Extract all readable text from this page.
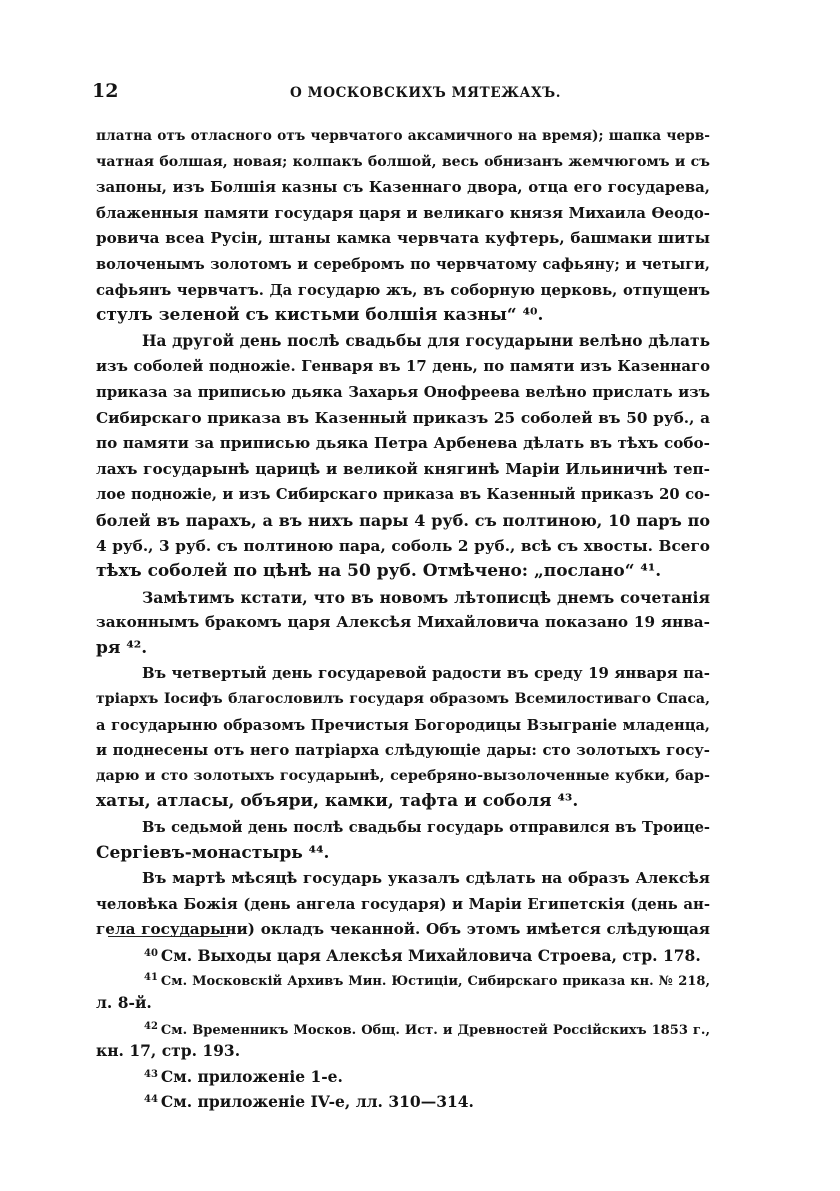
12	О МОСКОВСКИХЪ МЯТЕЖАХЪ.

платна отъ отласного отъ червчатого аксамичного на время); шапка черв-
чатная болшая, новая; колпакъ болшой, весь обнизанъ жемчюгомъ и съ
запоны, изъ Болшія казны съ Казеннаго двора, отца его государева,
блаженныя памяти государя царя и великаго князя Михаила Ѳеодо-
ровича всеа Русін, штаны камка червчата куфтерь, башмаки шиты
волоченымъ золотомъ и серебромъ по червчатому сафьяну; и четыги,
сафьянъ червчатъ. Да государю жъ, въ соборную церковь, отпущенъ
стулъ зеленой съ кистьми болшія казны“ ⁴⁰.

На другой день послѣ свадьбы для государыни велѣно дѣлать
изъ соболей подножіе. Генваря въ 17 день, по памяти изъ Казеннаго
приказа за приписью дьяка Захарья Онофреева велѣно прислать изъ
Сибирскаго приказа въ Казенный приказъ 25 соболей въ 50 руб., а
по памяти за приписью дьяка Петра Арбенева дѣлать въ тѣхъ собо-
лахъ государынѣ царицѣ и великой княгинѣ Маріи Ильиничнѣ теп-
лое подножіе, и изъ Сибирскаго приказа въ Казенный приказъ 20 со-
болей въ парахъ, а въ нихъ пары 4 руб. съ полтиною, 10 паръ по
4 руб., 3 руб. съ полтиною пара, соболь 2 руб., всѣ съ хвосты. Всего
тѣхъ соболей по цѣнѣ на 50 руб. Отмѣчено: „послано“ ⁴¹.

Замѣтимъ кстати, что въ новомъ лѣтописцѣ днемъ сочетанія
законнымъ бракомъ царя Алексѣя Михайловича показано 19 янва-
ря ⁴².

Въ четвертый день государевой радости въ среду 19 января па-
тріархъ Іосифъ благословилъ государя образомъ Всемилостиваго Спаса,
а государыню образомъ Пречистыя Богородицы Взыграніе младенца,
и поднесены отъ него патріарха слѣдующіе дары: сто золотыхъ госу-
дарю и сто золотыхъ государынѣ, серебряно-вызолоченные кубки, бар-
хаты, атласы, объяри, камки, тафта и соболя ⁴³.

Въ седьмой день послѣ свадьбы государь отправился въ Троице-
Сергіевъ-монастырь ⁴⁴.

Въ мартѣ мѣсяцѣ государь указалъ сдѣлать на образъ Алексѣя
человѣка Божія (день ангела государя) и Маріи Египетскія (день ан-
гела государыни) окладъ чеканной. Объ этомъ имѣется слѣдующая

$^{40}$ См. Выходы царя Алексѣя Михайловича Строева, стр. 178.
$^{41}$ См. Московскій Архивъ Мин. Юстиціи, Сибирскаго приказа кн. № 218,
л. 8-й.
$^{42}$ См. Временникъ Москов. Общ. Ист. и Древностей Россійскихъ 1853 г.,
кн. 17, стр. 193.
$^{43}$ См. приложеніе 1-е.
$^{44}$ См. приложеніе IV-е, лл. 310—314.
